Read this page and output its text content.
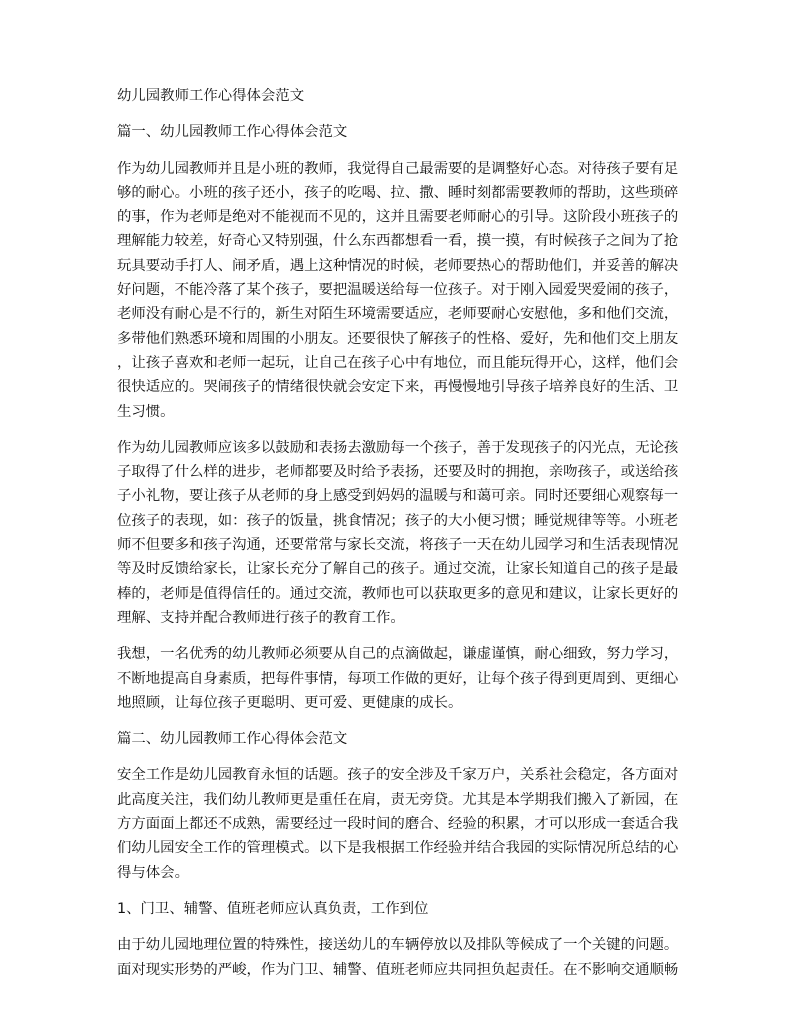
幼儿园教师工作心得体会范文
篇一、幼儿园教师工作心得体会范文
作为幼儿园教师并且是小班的教师，我觉得自己最需要的是调整好心态。对待孩子要有足
够的耐心。小班的孩子还小，孩子的吃喝、拉、撒、睡时刻都需要教师的帮助，这些琐碎
的事，作为老师是绝对不能视而不见的，这并且需要老师耐心的引导。这阶段小班孩子的
理解能力较差，好奇心又特别强，什么东西都想看一看，摸一摸，有时候孩子之间为了抢
玩具要动手打人、闹矛盾，遇上这种情况的时候，老师要热心的帮助他们，并妥善的解决
好问题，不能冷落了某个孩子，要把温暖送给每一位孩子。对于刚入园爱哭爱闹的孩子，
老师没有耐心是不行的，新生对陌生环境需要适应，老师要耐心安慰他，多和他们交流，
多带他们熟悉环境和周围的小朋友。还要很快了解孩子的性格、爱好，先和他们交上朋友
，让孩子喜欢和老师一起玩，让自己在孩子心中有地位，而且能玩得开心，这样，他们会
很快适应的。哭闹孩子的情绪很快就会安定下来，再慢慢地引导孩子培养良好的生活、卫
生习惯。
作为幼儿园教师应该多以鼓励和表扬去激励每一个孩子，善于发现孩子的闪光点，无论孩
子取得了什么样的进步，老师都要及时给予表扬，还要及时的拥抱，亲吻孩子，或送给孩
子小礼物，要让孩子从老师的身上感受到妈妈的温暖与和蔼可亲。同时还要细心观察每一
位孩子的表现，如：孩子的饭量，挑食情况；孩子的大小便习惯；睡觉规律等等。小班老
师不但要多和孩子沟通，还要常常与家长交流，将孩子一天在幼儿园学习和生活表现情况
等及时反馈给家长，让家长充分了解自己的孩子。通过交流，让家长知道自己的孩子是最
棒的，老师是值得信任的。通过交流，教师也可以获取更多的意见和建议，让家长更好的
理解、支持并配合教师进行孩子的教育工作。
我想，一名优秀的幼儿教师必须要从自己的点滴做起，谦虚谨慎，耐心细致，努力学习，
不断地提高自身素质，把每件事情，每项工作做的更好，让每个孩子得到更周到、更细心
地照顾，让每位孩子更聪明、更可爱、更健康的成长。
篇二、幼儿园教师工作心得体会范文
安全工作是幼儿园教育永恒的话题。孩子的安全涉及千家万户，关系社会稳定，各方面对
此高度关注，我们幼儿教师更是重任在肩，责无旁贷。尤其是本学期我们搬入了新园，在
方方面面上都还不成熟，需要经过一段时间的磨合、经验的积累，才可以形成一套适合我
们幼儿园安全工作的管理模式。以下是我根据工作经验并结合我园的实际情况所总结的心
得与体会。
1、门卫、辅警、值班老师应认真负责，工作到位
由于幼儿园地理位置的特殊性，接送幼儿的车辆停放以及排队等候成了一个关键的问题。
面对现实形势的严峻，作为门卫、辅警、值班老师应共同担负起责任。在不影响交通顺畅
